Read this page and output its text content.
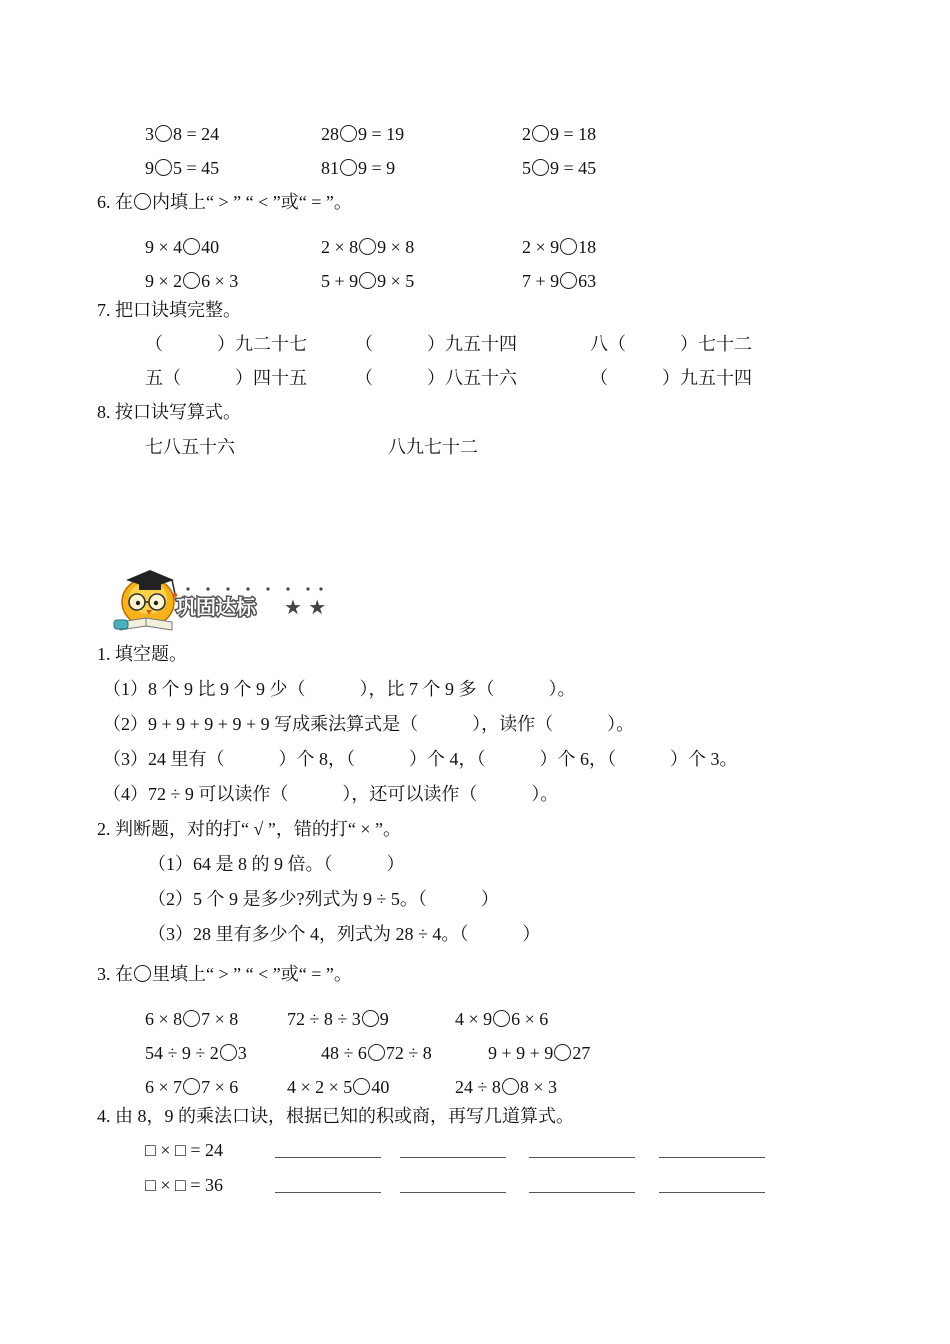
3 8 = 24	28 9 = 19	2 9 = 18
9 5 = 45	81 9 = 9	5 9 = 45
6. 在 内填上“ > ” “ < ”或“ = ”。
9 × 4 40	2 × 8 9 × 8	2 × 9 18
9 × 2 6 × 3	5 + 9 9 × 5	7 + 9 63
7. 把口诀填完整。
（　　　）九二十七	（　　　）九五十四	八（　　　）七十二
五（　　　）四十五	（　　　）八五十六	（　　　）九五十四
8. 按口诀写算式。
七八五十六	八九七十二
巩固达标 ★ ★
1. 填空题。
（1）8 个 9 比 9 个 9 少（　　　），比 7 个 9 多（　　　）。
（2）9 + 9 + 9 + 9 + 9 写成乘法算式是（　　　），读作（　　　）。
（3）24 里有（　　　）个 8，（　　　）个 4，（　　　）个 6，（　　　）个 3。
（4）72 ÷ 9 可以读作（　　　），还可以读作（　　　）。
2. 判断题，对的打“ √ ”，错的打“ × ”。
（1）64 是 8 的 9 倍。（　　　）
（2）5 个 9 是多少?列式为 9 ÷ 5。（　　　）
（3）28 里有多少个 4，列式为 28 ÷ 4。（　　　）
3. 在 里填上“ > ” “ < ”或“ = ”。
6 × 8 7 × 8	72 ÷ 8 ÷ 3 9	4 × 9 6 × 6
54 ÷ 9 ÷ 2 3	48 ÷ 6 72 ÷ 8	9 + 9 + 9 27
6 × 7 7 × 6	4 × 2 × 5 40	24 ÷ 8 8 × 3
4. 由 8，9 的乘法口诀，根据已知的积或商，再写几道算式。
□ × □ = 24
□ × □ = 36
